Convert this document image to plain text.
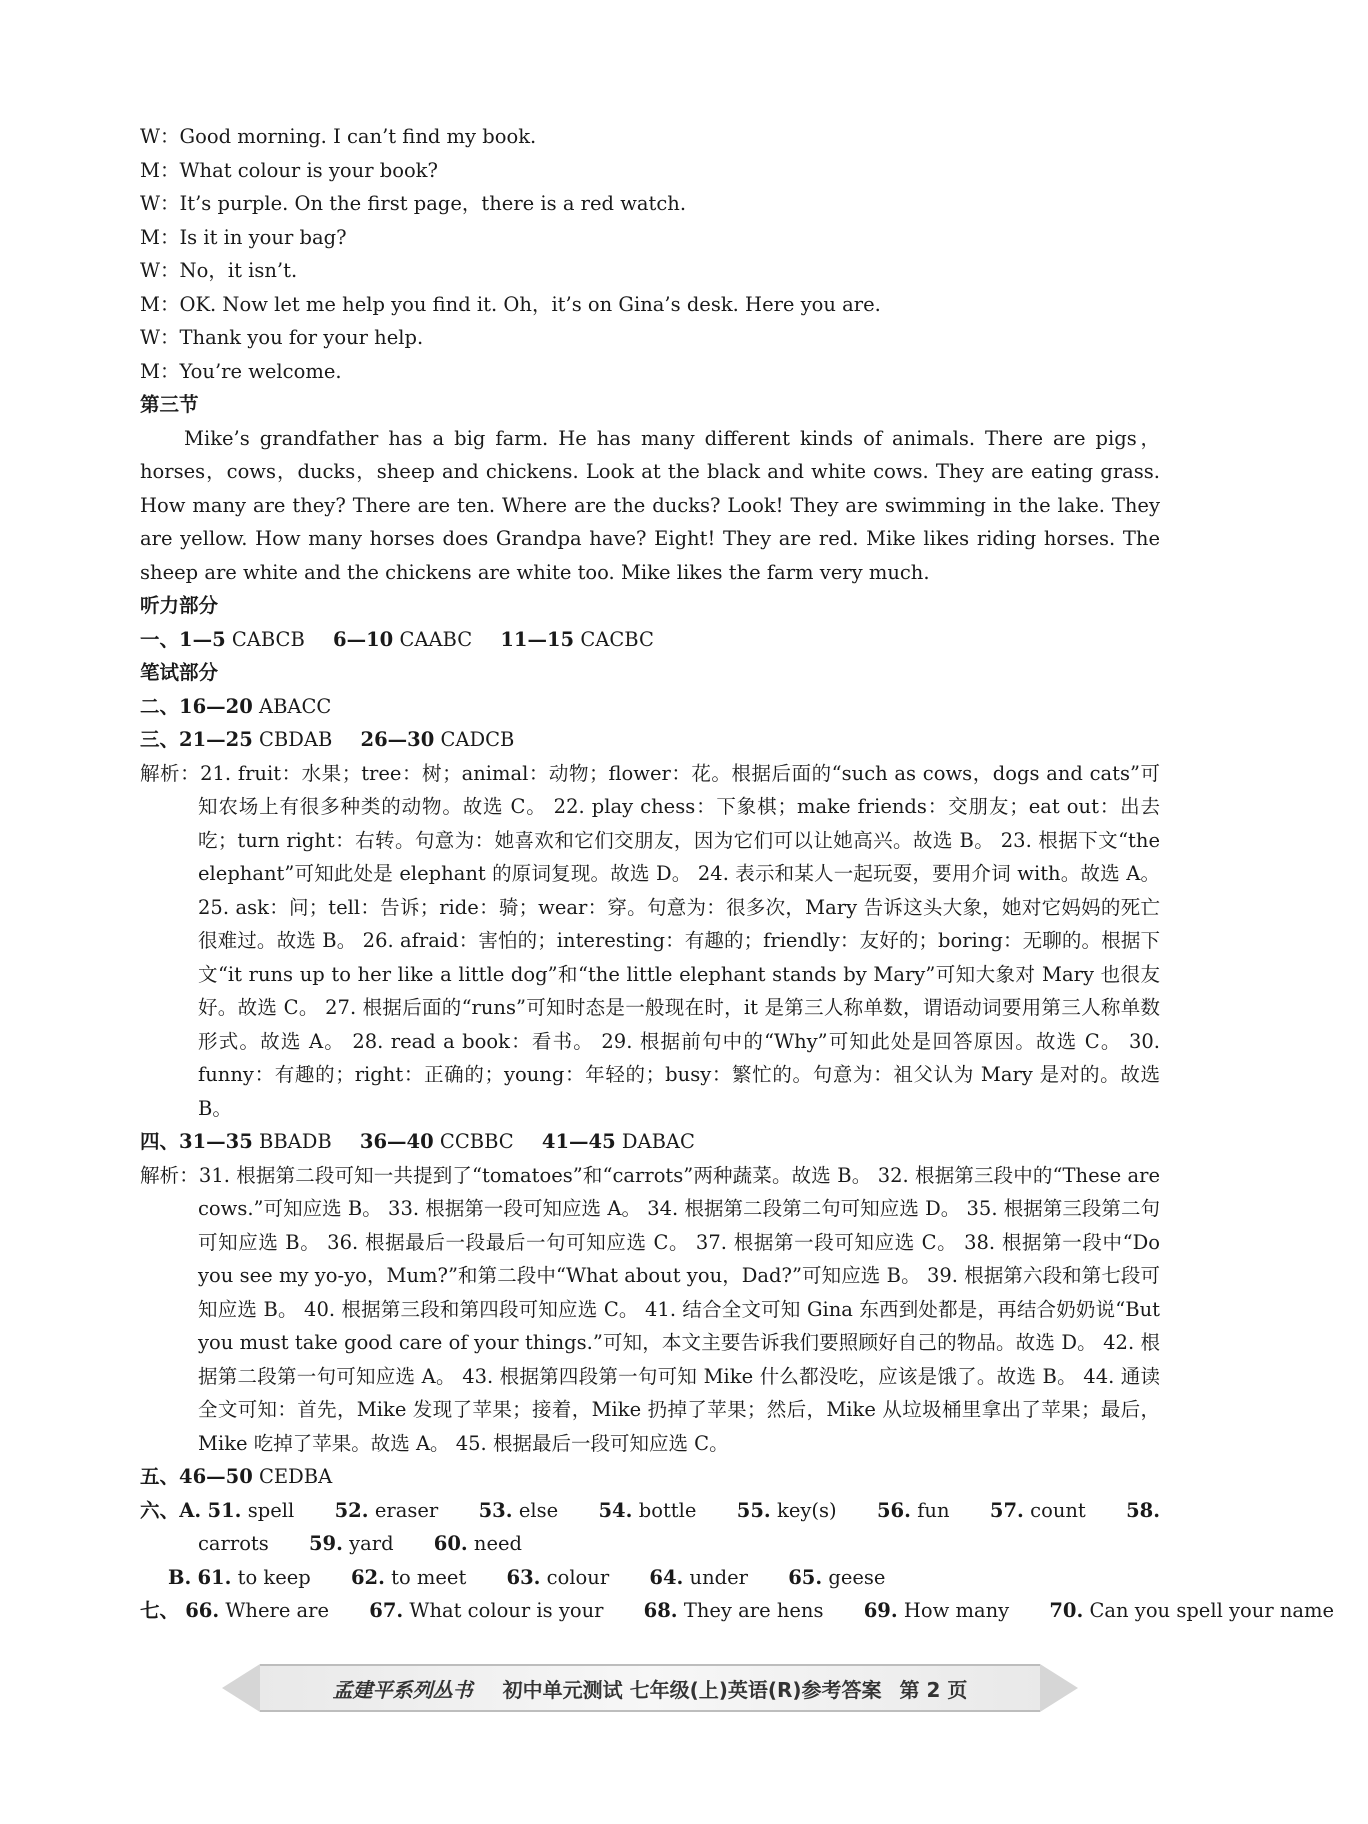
W：Good morning. I can’t find my book.
M：What colour is your book?
W：It’s purple. On the first page，there is a red watch.
M：Is it in your bag?
W：No，it isn’t.
M：OK. Now let me help you find it. Oh，it’s on Gina’s desk. Here you are.
W：Thank you for your help.
M：You’re welcome.
第三节
Mike’s grandfather has a big farm. He has many different kinds of animals. There are pigs，horses，cows，ducks，sheep and chickens. Look at the black and white cows. They are eating grass. How many are they? There are ten. Where are the ducks? Look! They are swimming in the lake. They are yellow. How many horses does Grandpa have? Eight! They are red. Mike likes riding horses. The sheep are white and the chickens are white too. Mike likes the farm very much.
听力部分
一、1—5 CABCB 6—10 CAABC 11—15 CACBC
笔试部分
二、16—20 ABACC
三、21—25 CBDAB 26—30 CADCB
解析：21. fruit：水果；tree：树；animal：动物；flower：花。根据后面的“such as cows，dogs and cats”可知农场上有很多种类的动物。故选 C。 22. play chess：下象棋；make friends：交朋友；eat out：出去吃；turn right：右转。句意为：她喜欢和它们交朋友，因为它们可以让她高兴。故选 B。 23. 根据下文“the elephant”可知此处是 elephant 的原词复现。故选 D。 24. 表示和某人一起玩耍，要用介词 with。故选 A。 25. ask：问；tell：告诉；ride：骑；wear：穿。句意为：很多次，Mary 告诉这头大象，她对它妈妈的死亡很难过。故选 B。 26. afraid：害怕的；interesting：有趣的；friendly：友好的；boring：无聊的。根据下文“it runs up to her like a little dog”和“the little elephant stands by Mary”可知大象对 Mary 也很友好。故选 C。 27. 根据后面的“runs”可知时态是一般现在时，it 是第三人称单数，谓语动词要用第三人称单数形式。故选 A。 28. read a book：看书。 29. 根据前句中的“Why”可知此处是回答原因。故选 C。 30. funny：有趣的；right：正确的；young：年轻的；busy：繁忙的。句意为：祖父认为 Mary 是对的。故选 B。
四、31—35 BBADB 36—40 CCBBC 41—45 DABAC
解析：31. 根据第二段可知一共提到了“tomatoes”和“carrots”两种蔬菜。故选 B。 32. 根据第三段中的“These are cows.”可知应选 B。 33. 根据第一段可知应选 A。 34. 根据第二段第二句可知应选 D。 35. 根据第三段第二句可知应选 B。 36. 根据最后一段最后一句可知应选 C。 37. 根据第一段可知应选 C。 38. 根据第一段中“Do you see my yo-yo，Mum?”和第二段中“What about you，Dad?”可知应选 B。 39. 根据第六段和第七段可知应选 B。 40. 根据第三段和第四段可知应选 C。 41. 结合全文可知 Gina 东西到处都是，再结合奶奶说“But you must take good care of your things.”可知，本文主要告诉我们要照顾好自己的物品。故选 D。 42. 根据第二段第一句可知应选 A。 43. 根据第四段第一句可知 Mike 什么都没吃，应该是饿了。故选 B。 44. 通读全文可知：首先，Mike 发现了苹果；接着，Mike 扔掉了苹果；然后，Mike 从垃圾桶里拿出了苹果；最后，Mike 吃掉了苹果。故选 A。 45. 根据最后一段可知应选 C。
五、46—50 CEDBA
六、A. 51. spell 52. eraser 53. else 54. bottle 55. key(s) 56. fun 57. count 58. carrots 59. yard 60. need
B. 61. to keep 62. to meet 63. colour 64. under 65. geese
七、 66. Where are 67. What colour is your 68. They are hens 69. How many 70. Can you spell your name
孟建平系列丛书 初中单元测试 七年级(上)英语(R)参考答案 第 2 页
